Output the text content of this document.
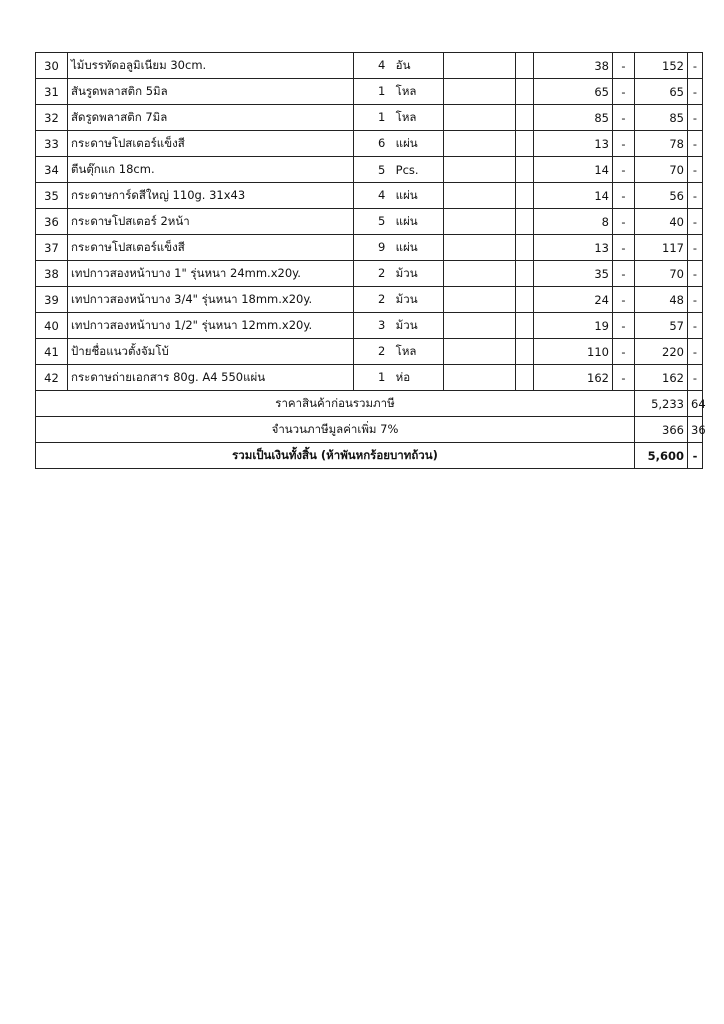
30	ไม้บรรทัดอลูมิเนียม 30cm.	4 อัน			38	-	152	-
31	สันรูดพลาสติก 5มิล	1 โหล			65	-	65	-
32	สัดรูดพลาสติก 7มิล	1 โหล			85	-	85	-
33	กระดาษโปสเตอร์แข็งสี	6 แผ่น			13	-	78	-
34	ตีนตุ๊กแก 18cm.	5 Pcs.			14	-	70	-
35	กระดาษการ์ดสีใหญ่ 110g. 31x43	4 แผ่น			14	-	56	-
36	กระดาษโปสเตอร์ 2หน้า	5 แผ่น			8	-	40	-
37	กระดาษโปสเตอร์แข็งสี	9 แผ่น			13	-	117	-
38	เทปกาวสองหน้าบาง 1" รุ่นหนา 24mm.x20y.	2 ม้วน			35	-	70	-
39	เทปกาวสองหน้าบาง 3/4" รุ่นหนา 18mm.x20y.	2 ม้วน			24	-	48	-
40	เทปกาวสองหน้าบาง 1/2" รุ่นหนา 12mm.x20y.	3 ม้วน			19	-	57	-
41	ป้ายชื่อแนวตั้งจัมโบ้	2 โหล			110	-	220	-
42	กระดาษถ่ายเอกสาร 80g. A4 550แผ่น	1 ห่อ			162	-	162	-
ราคาสินค้าก่อนรวมภาษี							5,233	64
จำนวนภาษีมูลค่าเพิ่ม 7%							366	36
รวมเป็นเงินทั้งสิ้น (ห้าพันหกร้อยบาทถ้วน)							5,600	-
